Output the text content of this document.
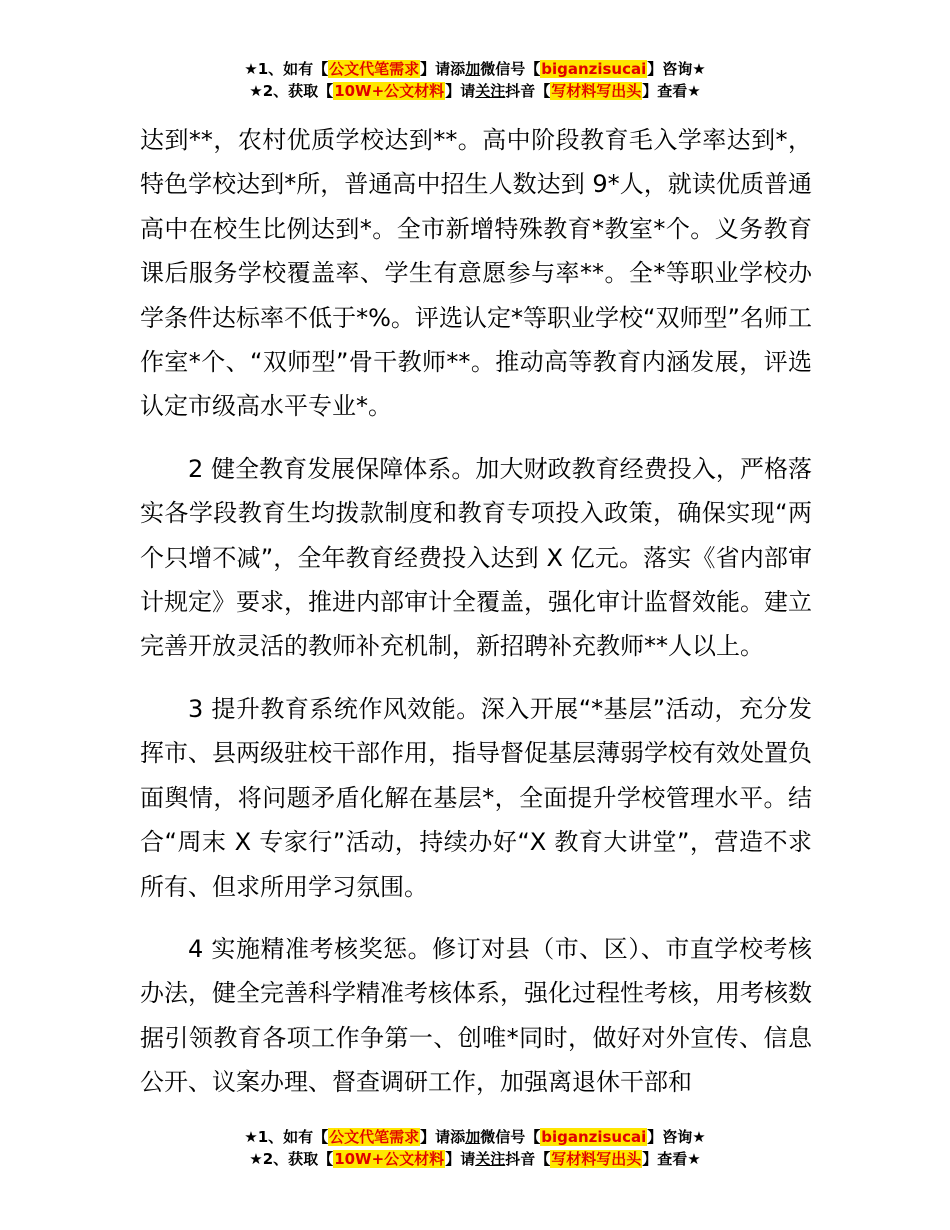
★1、如有【公文代笔需求】请添加微信号【biganzisucai】咨询★
★2、获取【10W+公文材料】请关注抖音【写材料写出头】查看★

达到**，农村优质学校达到**。高中阶段教育毛入学率达到*，特色学校达到*所，普通高中招生人数达到 9*人，就读优质普通高中在校生比例达到*。全市新增特殊教育*教室*个。义务教育课后服务学校覆盖率、学生有意愿参与率**。全*等职业学校办学条件达标率不低于*%。评选认定*等职业学校“双师型”名师工作室*个、“双师型”骨干教师**。推动高等教育内涵发展，评选认定市级高水平专业*。

2 健全教育发展保障体系。加大财政教育经费投入，严格落实各学段教育生均拨款制度和教育专项投入政策，确保实现“两个只增不减”，全年教育经费投入达到 X 亿元。落实《省内部审计规定》要求，推进内部审计全覆盖，强化审计监督效能。建立完善开放灵活的教师补充机制，新招聘补充教师**人以上。

3 提升教育系统作风效能。深入开展“*基层”活动，充分发挥市、县两级驻校干部作用，指导督促基层薄弱学校有效处置负面舆情，将问题矛盾化解在基层*，全面提升学校管理水平。结合“周末 X 专家行”活动，持续办好“X 教育大讲堂”，营造不求所有、但求所用学习氛围。

4 实施精准考核奖惩。修订对县（市、区）、市直学校考核办法，健全完善科学精准考核体系，强化过程性考核，用考核数据引领教育各项工作争第一、创唯*同时，做好对外宣传、信息公开、议案办理、督查调研工作，加强离退休干部和

★1、如有【公文代笔需求】请添加微信号【biganzisucai】咨询★
★2、获取【10W+公文材料】请关注抖音【写材料写出头】查看★
